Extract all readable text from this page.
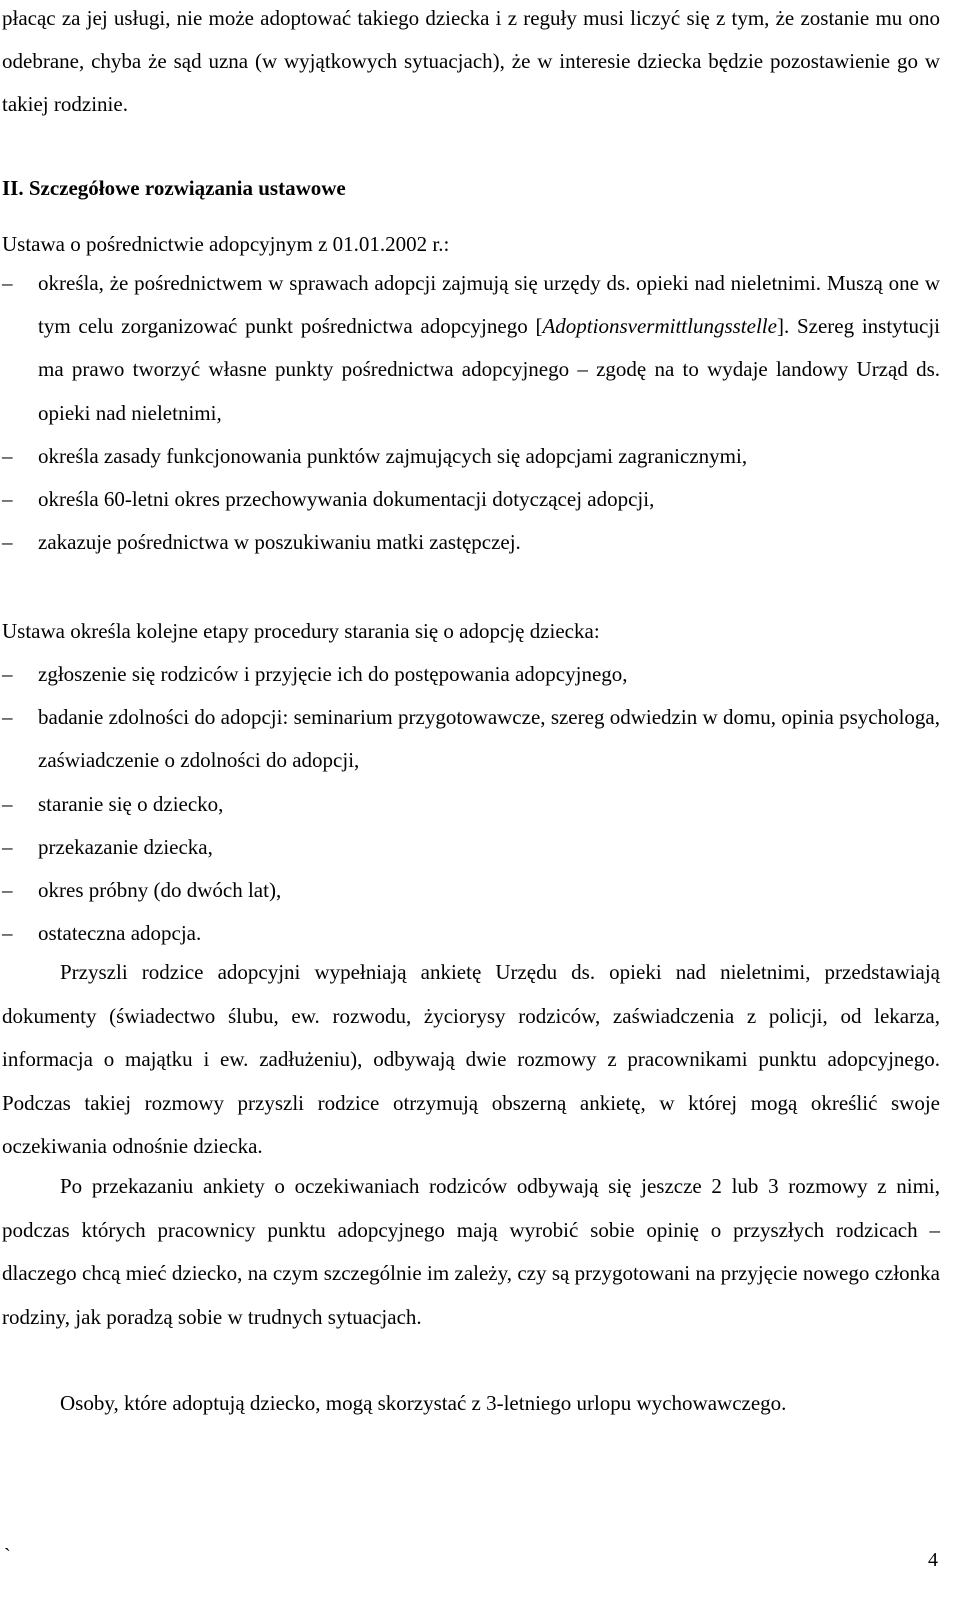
płacąc za jej usługi, nie może adoptować takiego dziecka i z reguły musi liczyć się z tym, że zostanie mu ono odebrane, chyba że sąd uzna (w wyjątkowych sytuacjach), że w interesie dziecka będzie pozostawienie go w takiej rodzinie.
II. Szczegółowe rozwiązania ustawowe
Ustawa o pośrednictwie adopcyjnym z 01.01.2002 r.:
–	określa, że pośrednictwem w sprawach adopcji zajmują się urzędy ds. opieki nad nieletnimi. Muszą one w tym celu zorganizować punkt pośrednictwa adopcyjnego [Adoptionsvermittlungsstelle]. Szereg instytucji ma prawo tworzyć własne punkty pośrednictwa adopcyjnego – zgodę na to wydaje landowy Urząd ds. opieki nad nieletnimi,
–	określa zasady funkcjonowania punktów zajmujących się adopcjami zagranicznymi,
–	określa 60-letni okres przechowywania dokumentacji dotyczącej adopcji,
–	zakazuje pośrednictwa w poszukiwaniu matki zastępczej.
Ustawa określa kolejne etapy procedury starania się o adopcję dziecka:
–	zgłoszenie się rodziców i przyjęcie ich do postępowania adopcyjnego,
–	badanie zdolności do adopcji: seminarium przygotowawcze, szereg odwiedzin w domu, opinia psychologa, zaświadczenie o zdolności do adopcji,
–	staranie się o dziecko,
–	przekazanie dziecka,
–	okres próbny (do dwóch lat),
–	ostateczna adopcja.
Przyszli rodzice adopcyjni wypełniają ankietę Urzędu ds. opieki nad nieletnimi, przedstawiają dokumenty (świadectwo ślubu, ew. rozwodu, życiorysy rodziców, zaświadczenia z policji, od lekarza, informacja o majątku i ew. zadłużeniu), odbywają dwie rozmowy z pracownikami punktu adopcyjnego. Podczas takiej rozmowy przyszli rodzice otrzymują obszerną ankietę, w której mogą określić swoje oczekiwania odnośnie dziecka.
Po przekazaniu ankiety o oczekiwaniach rodziców odbywają się jeszcze 2 lub 3 rozmowy z nimi, podczas których pracownicy punktu adopcyjnego mają wyrobić sobie opinię o przyszłych rodzicach – dlaczego chcą mieć dziecko, na czym szczególnie im zależy, czy są przygotowani na przyjęcie nowego członka rodziny, jak poradzą sobie w trudnych sytuacjach.
Osoby, które adoptują dziecko, mogą skorzystać z 3-letniego urlopu wychowawczego.
`	4
